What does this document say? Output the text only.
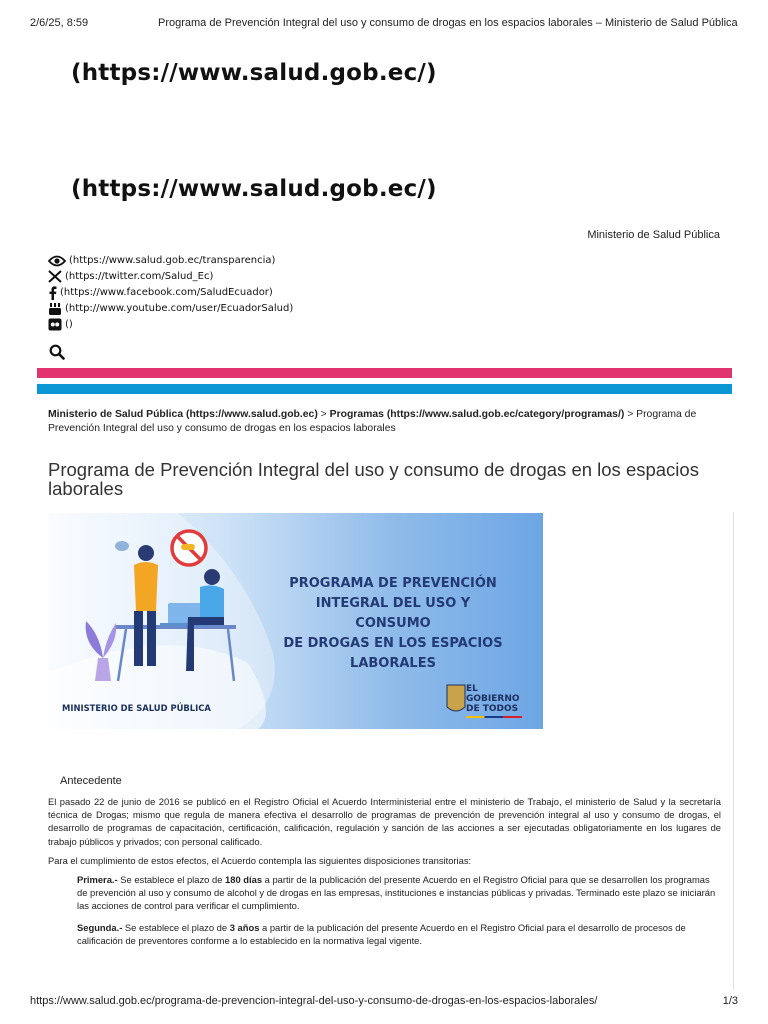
2/6/25, 8:59	Programa de Prevención Integral del uso y consumo de drogas en los espacios laborales – Ministerio de Salud Pública
(https://www.salud.gob.ec/)
(https://www.salud.gob.ec/)
Ministerio de Salud Pública
(https://www.salud.gob.ec/transparencia)
(https://twitter.com/Salud_Ec)
(https://www.facebook.com/SaludEcuador)
(http://www.youtube.com/user/EcuadorSalud)
()
Ministerio de Salud Pública (https://www.salud.gob.ec) > Programas (https://www.salud.gob.ec/category/programas/) > Programa de Prevención Integral del uso y consumo de drogas en los espacios laborales
Programa de Prevención Integral del uso y consumo de drogas en los espacios laborales
PROGRAMA DE PREVENCIÓN
INTEGRAL DEL USO Y CONSUMO
DE DROGAS EN LOS ESPACIOS
LABORALES
MINISTERIO DE SALUD PÚBLICA
EL
GOBIERNO
DE TODOS
Antecedente

El pasado 22 de junio de 2016 se publicó en el Registro Oficial el Acuerdo Interministerial entre el ministerio de Trabajo, el ministerio de Salud y la secretaría técnica de Drogas; mismo que regula de manera efectiva el desarrollo de programas de prevención de prevención integral al uso y consumo de drogas, el desarrollo de programas de capacitación, certificación, calificación, regulación y sanción de las acciones a ser ejecutadas obligatoriamente en los lugares de trabajo públicos y privados; con personal calificado.

Para el cumplimiento de estos efectos, el Acuerdo contempla las siguientes disposiciones transitorias:

Primera.- Se establece el plazo de 180 días a partir de la publicación del presente Acuerdo en el Registro Oficial para que se desarrollen los programas de prevención al uso y consumo de alcohol y de drogas en las empresas, instituciones e instancias públicas y privadas. Terminado este plazo se iniciarán las acciones de control para verificar el cumplimiento.

Segunda.- Se establece el plazo de 3 años a partir de la publicación del presente Acuerdo en el Registro Oficial para el desarrollo de procesos de calificación de preventores conforme a lo establecido en la normativa legal vigente.

https://www.salud.gob.ec/programa-de-prevencion-integral-del-uso-y-consumo-de-drogas-en-los-espacios-laborales/	1/3
